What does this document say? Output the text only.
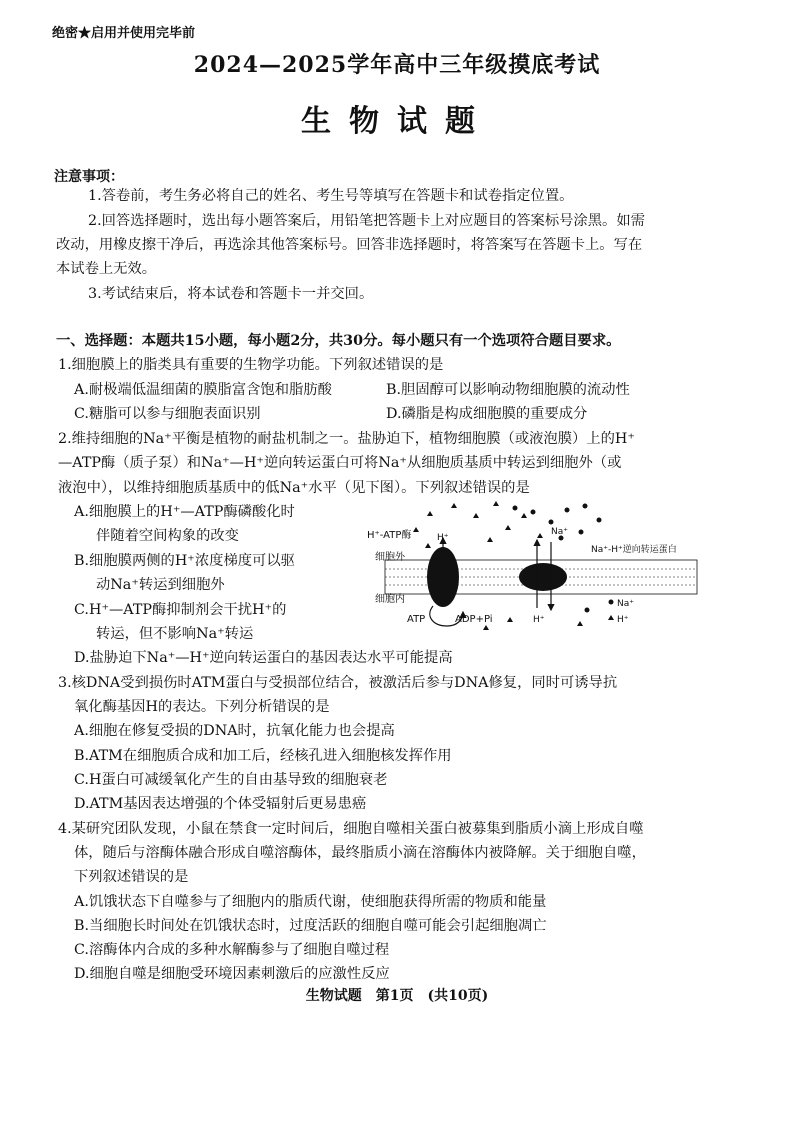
绝密★启用并使用完毕前
2024—2025学年高中三年级摸底考试
生物试题
注意事项：
1.答卷前，考生务必将自己的姓名、考生号等填写在答题卡和试卷指定位置。
2.回答选择题时，选出每小题答案后，用铅笔把答题卡上对应题目的答案标号涂黑。如需
改动，用橡皮擦干净后，再选涂其他答案标号。回答非选择题时，将答案写在答题卡上。写在
本试卷上无效。
3.考试结束后，将本试卷和答题卡一并交回。
一、选择题：本题共15小题，每小题2分，共30分。每小题只有一个选项符合题目要求。
1.细胞膜上的脂类具有重要的生物学功能。下列叙述错误的是
A.耐极端低温细菌的膜脂富含饱和脂肪酸	B.胆固醇可以影响动物细胞膜的流动性
C.糖脂可以参与细胞表面识别	D.磷脂是构成细胞膜的重要成分
2.维持细胞的Na⁺平衡是植物的耐盐机制之一。盐胁迫下，植物细胞膜（或液泡膜）上的H⁺
—ATP酶（质子泵）和Na⁺—H⁺逆向转运蛋白可将Na⁺从细胞质基质中转运到细胞外（或
液泡中），以维持细胞质基质中的低Na⁺水平（见下图）。下列叙述错误的是
A.细胞膜上的H⁺—ATP酶磷酸化时
伴随着空间构象的改变
B.细胞膜两侧的H⁺浓度梯度可以驱
动Na⁺转运到细胞外
C.H⁺—ATP酶抑制剂会干扰H⁺的
转运，但不影响Na⁺转运
D.盐胁迫下Na⁺—H⁺逆向转运蛋白的基因表达水平可能提高
H⁺-ATP酶	H⁺
Na⁺
Na⁺-H⁺逆向转运蛋白
细胞外
细胞内
ATP	ADP+Pi	H⁺
Na⁺
H⁺
3.核DNA受到损伤时ATM蛋白与受损部位结合，被激活后参与DNA修复，同时可诱导抗
氧化酶基因H的表达。下列分析错误的是
A.细胞在修复受损的DNA时，抗氧化能力也会提高
B.ATM在细胞质合成和加工后，经核孔进入细胞核发挥作用
C.H蛋白可减缓氧化产生的自由基导致的细胞衰老
D.ATM基因表达增强的个体受辐射后更易患癌
4.某研究团队发现，小鼠在禁食一定时间后，细胞自噬相关蛋白被募集到脂质小滴上形成自噬
体，随后与溶酶体融合形成自噬溶酶体，最终脂质小滴在溶酶体内被降解。关于细胞自噬，
下列叙述错误的是
A.饥饿状态下自噬参与了细胞内的脂质代谢，使细胞获得所需的物质和能量
B.当细胞长时间处在饥饿状态时，过度活跃的细胞自噬可能会引起细胞凋亡
C.溶酶体内合成的多种水解酶参与了细胞自噬过程
D.细胞自噬是细胞受环境因素刺激后的应激性反应
生物试题　第1页　(共10页)
